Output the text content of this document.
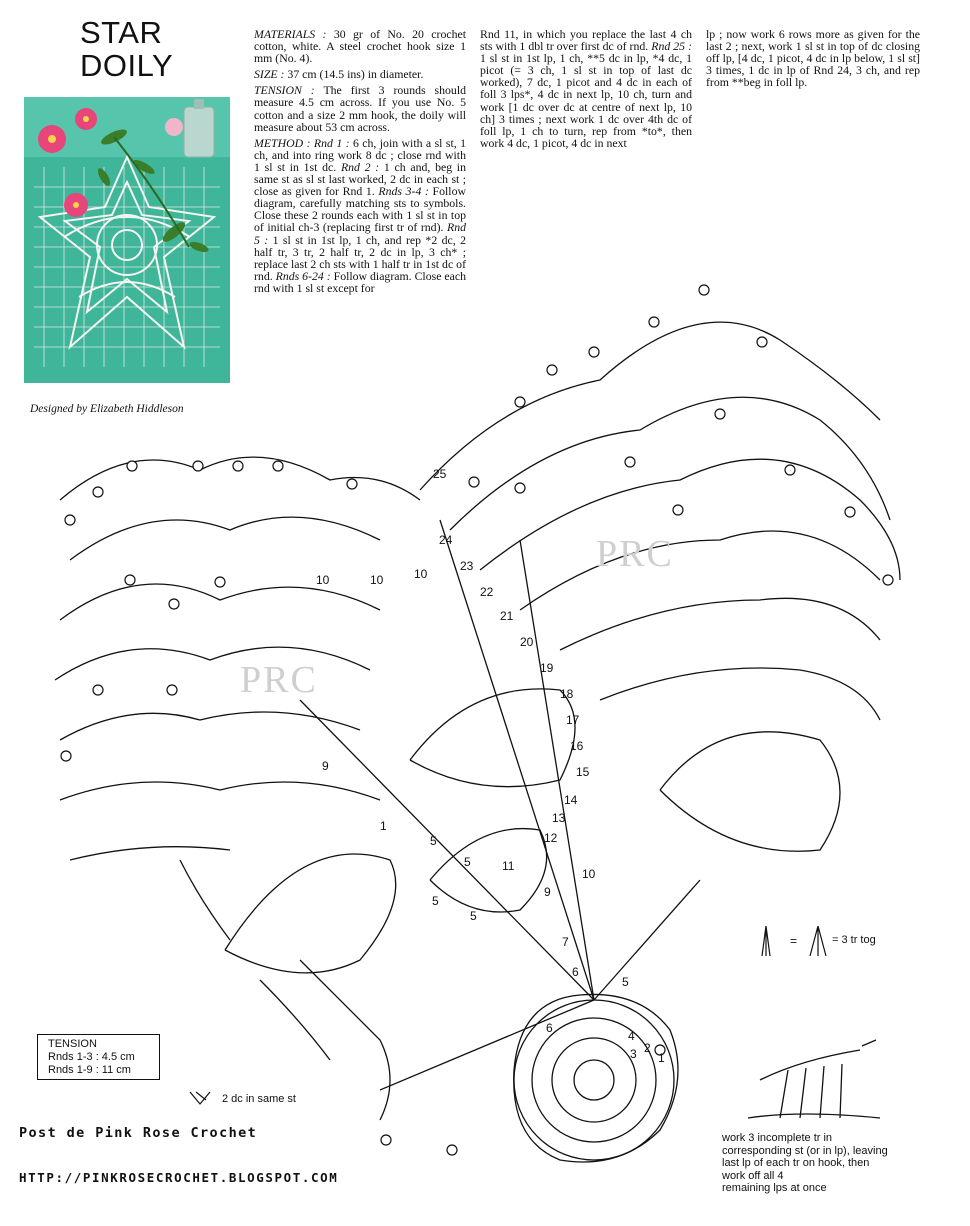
STAR
DOILY
Designed by Elizabeth Hiddleson

MATERIALS : 30 gr of No. 20 crochet cotton, white. A steel crochet hook size 1 mm (No. 4).

SIZE : 37 cm (14.5 ins) in diameter.

TENSION : The first 3 rounds should measure 4.5 cm across. If you use No. 5 cotton and a size 2 mm hook, the doily will measure about 53 cm across.

METHOD : Rnd 1 : 6 ch, join with a sl st, 1 ch, and into ring work 8 dc ; close rnd with 1 sl st in 1st dc. Rnd 2 : 1 ch and, beg in same st as sl st last worked, 2 dc in each st ; close as given for Rnd 1. Rnds 3-4 : Follow diagram, carefully matching sts to symbols. Close these 2 rounds each with 1 sl st in top of initial ch-3 (replacing first tr of rnd). Rnd 5 : 1 sl st in 1st lp, 1 ch, and rep *2 dc, 2 half tr, 3 tr, 2 half tr, 2 dc in lp, 3 ch* ; replace last 2 ch sts with 1 half tr in 1st dc of rnd. Rnds 6-24 : Follow diagram. Close each rnd with 1 sl st except for

Rnd 11, in which you replace the last 4 ch sts with 1 dbl tr over first dc of rnd. Rnd 25 : 1 sl st in 1st lp, 1 ch, **5 dc in lp, *4 dc, 1 picot (= 3 ch, 1 sl st in top of last dc worked), 7 dc, 1 picot and 4 dc in each of foll 3 lps*, 4 dc in next lp, 10 ch, turn and work [1 dc over dc at centre of next lp, 10 ch] 3 times ; next work 1 dc over 4th dc of foll lp, 1 ch to turn, rep from *to*, then work 4 dc, 1 picot, 4 dc in next

lp ; now work 6 rows more as given for the last 2 ; next, work 1 sl st in top of dc closing off lp, [4 dc, 1 picot, 4 dc in lp below, 1 sl st] 3 times, 1 dc in lp of Rnd 24, 3 ch, and rep from **beg in foll lp.

25
24
23
22
21
20
19
18
17
16
15
14
13
12
11
10
9
7
6
5
4
3 2
1
10	10	10
9
1
5
5
5
5
6
PRC
PRC
=	= 3 tr tog
2 dc in same st
TENSION
Rnds 1-3 : 4.5 cm
Rnds 1-9 : 11 cm
work 3 incomplete tr in
corresponding st (or in lp), leaving
last lp of each tr on hook, then
work off all 4
remaining lps at once
Post de Pink Rose Crochet
HTTP://PINKROSECROCHET.BLOGSPOT.COM
